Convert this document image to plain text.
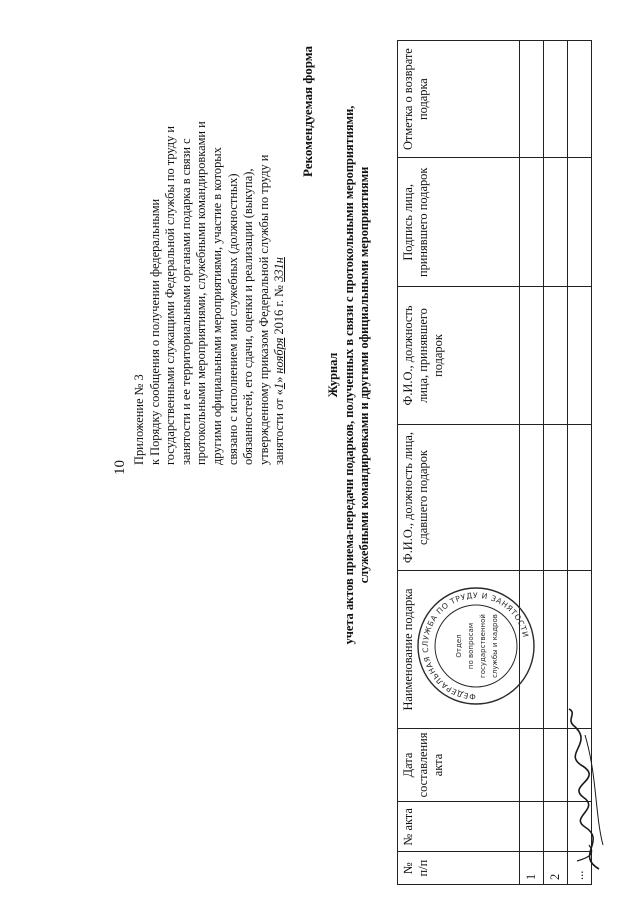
10
Приложение № 3 к Порядку сообщения о получении федеральными государственными служащими Федеральной службы по труду и занятости и ее территориальными органами подарка в связи с протокольными мероприятиями, служебными командировками и другими официальными мероприятиями, участие в которых связано с исполнением ими служебных (должностных) обязанностей, его сдачи, оценки и реализации (выкупа), утвержденному приказом Федеральной службы по труду и занятости от «1» ноября 2016 г. № 331н
Рекомендуемая форма
Журнал учета актов приема-передачи подарков, полученных в связи с протокольными мероприятиями, служебными командировками и другими официальными мероприятиями
№ п/п	№ акта	Дата составления акта	Наименование подарка	Ф.И.О., должность лица, сдавшего подарок	Ф.И.О., должность лица, принявшего подарок	Подпись лица, принявшего подарок	Отметка о возврате подарка
1							
2							
...							
ФЕДЕРАЛЬНАЯ СЛУЖБА ПО ТРУДУ И ЗАНЯТОСТИ
Отдел по вопросам государственной службы и кадров
